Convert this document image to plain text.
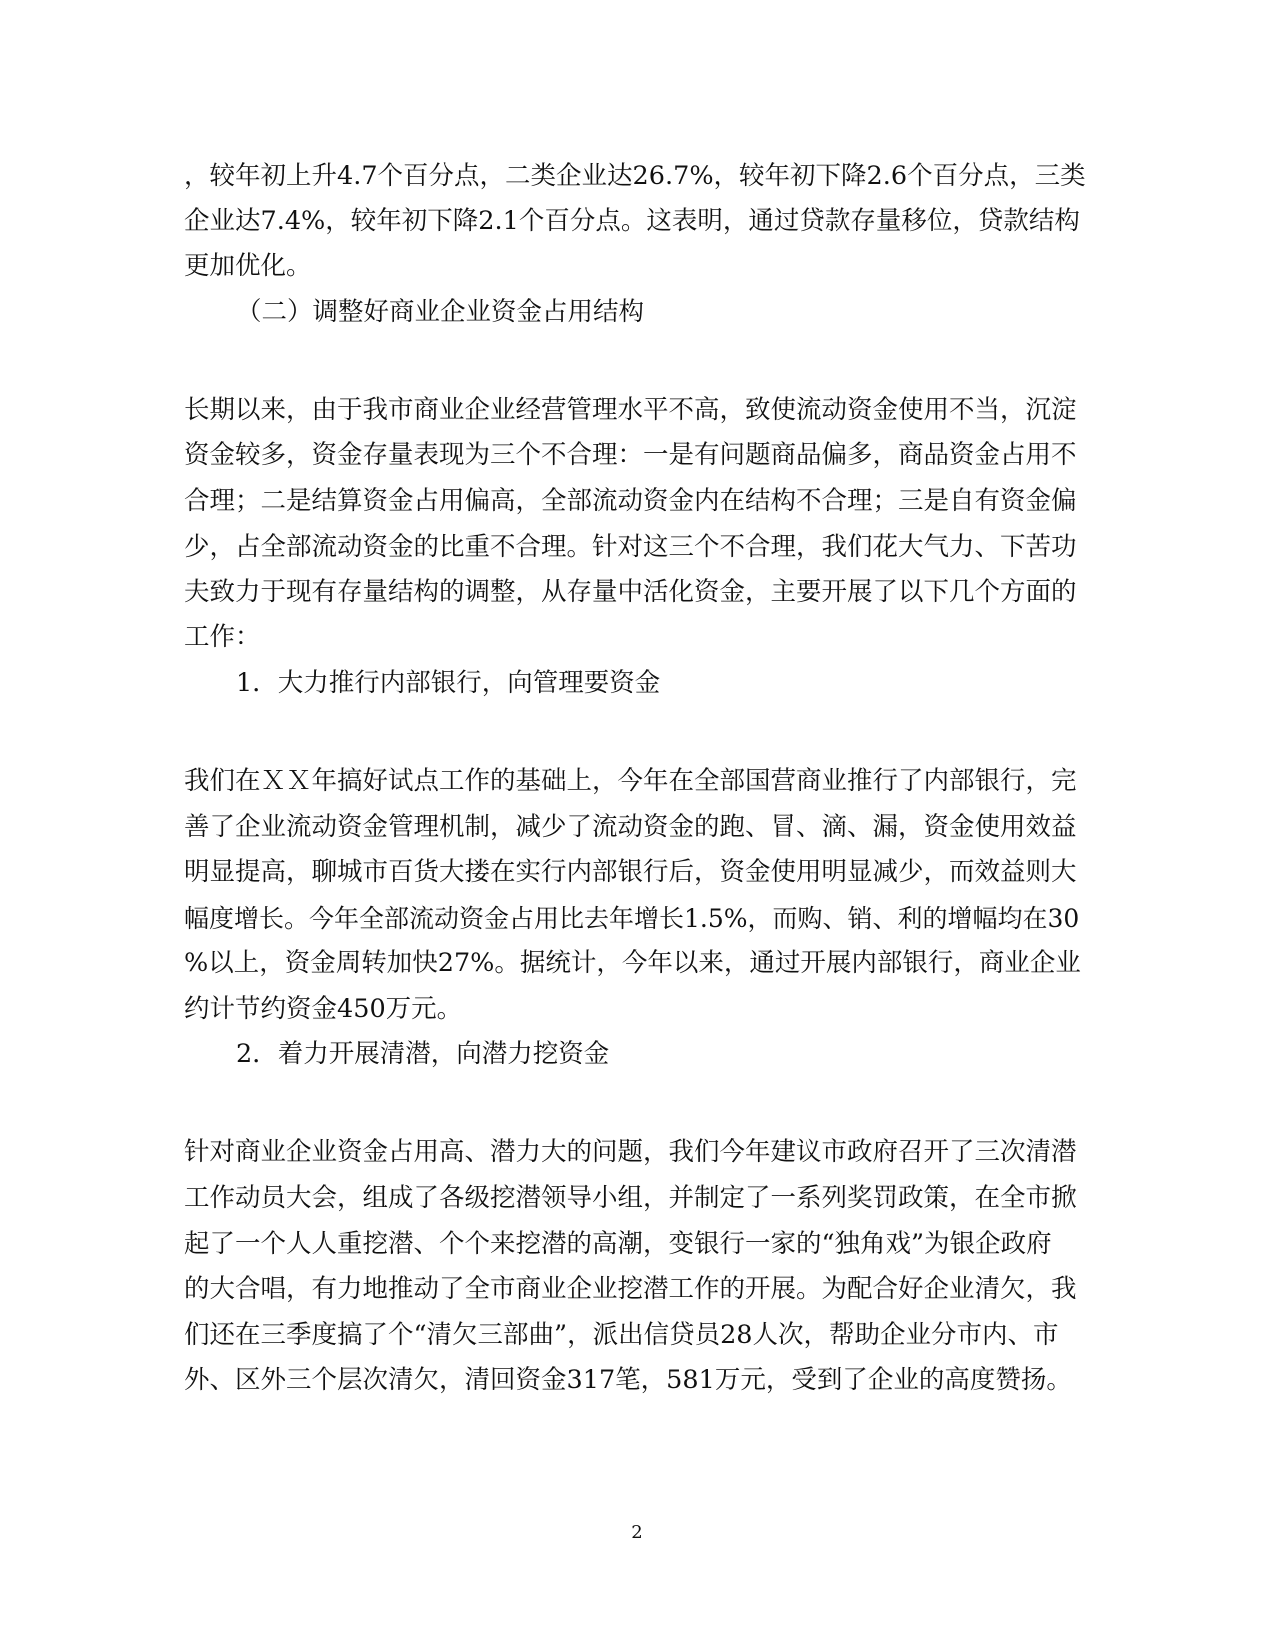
，较年初上升4.7个百分点，二类企业达26.7%，较年初下降2.6个百分点，三类
企业达7.4%，较年初下降2.1个百分点。这表明，通过贷款存量移位，贷款结构
更加优化。
（二）调整好商业企业资金占用结构
长期以来，由于我市商业企业经营管理水平不高，致使流动资金使用不当，沉淀
资金较多，资金存量表现为三个不合理：一是有问题商品偏多，商品资金占用不
合理；二是结算资金占用偏高，全部流动资金内在结构不合理；三是自有资金偏
少，占全部流动资金的比重不合理。针对这三个不合理，我们花大气力、下苦功
夫致力于现有存量结构的调整，从存量中活化资金，主要开展了以下几个方面的
工作：
1．大力推行内部银行，向管理要资金
我们在ＸＸ年搞好试点工作的基础上，今年在全部国营商业推行了内部银行，完
善了企业流动资金管理机制，减少了流动资金的跑、冒、滴、漏，资金使用效益
明显提高，聊城市百货大搂在实行内部银行后，资金使用明显减少，而效益则大
幅度增长。今年全部流动资金占用比去年增长1.5%，而购、销、利的增幅均在30
%以上，资金周转加快27%。据统计，今年以来，通过开展内部银行，商业企业
约计节约资金450万元。
2．着力开展清潜，向潜力挖资金
针对商业企业资金占用高、潜力大的问题，我们今年建议市政府召开了三次清潜
工作动员大会，组成了各级挖潜领导小组，并制定了一系列奖罚政策，在全市掀
起了一个人人重挖潜、个个来挖潜的高潮，变银行一家的“独角戏”为银企政府
的大合唱，有力地推动了全市商业企业挖潜工作的开展。为配合好企业清欠，我
们还在三季度搞了个“清欠三部曲”，派出信贷员28人次，帮助企业分市内、市
外、区外三个层次清欠，清回资金317笔，581万元，受到了企业的高度赞扬。
2
